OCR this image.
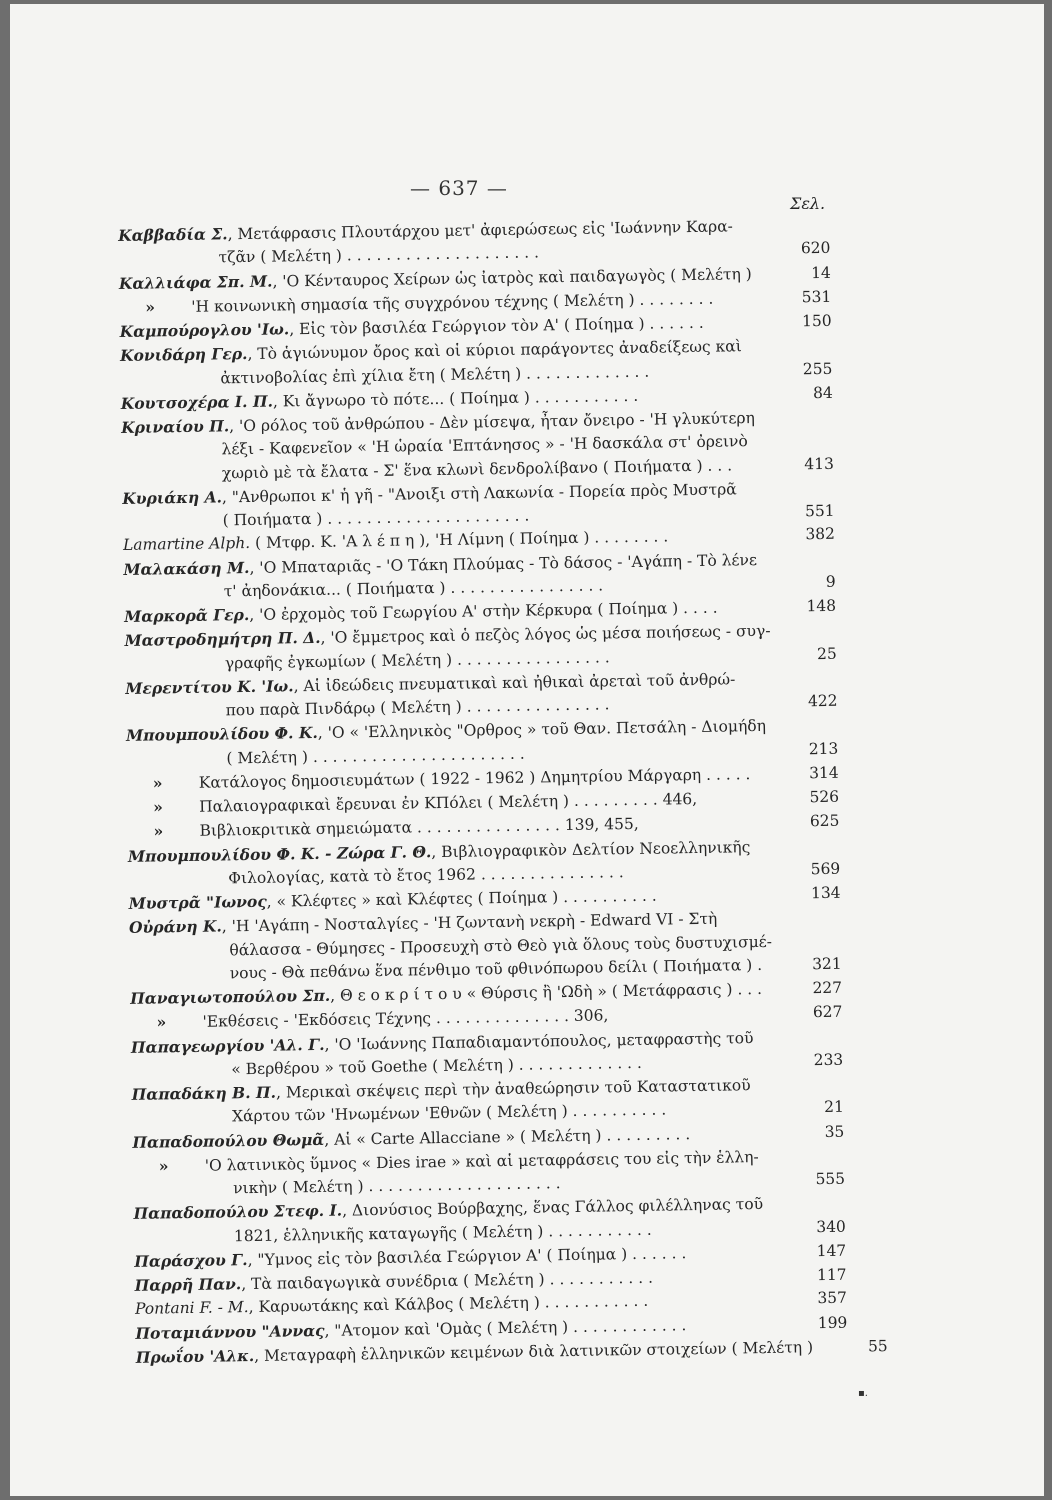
— 637 —
Σελ.
Καββαδία Σ., Μετάφρασις Πλουτάρχου μετ' ἀφιερώσεως εἰς 'Ιωάννην Καρα-
τζᾶν ( Μελέτη ) . . . . . . . . . . . . . . . . . . . .	620
Καλλιάφα Σπ. Μ., 'Ο Κένταυρος Χείρων ὡς ἰατρὸς καὶ παιδαγωγὸς ( Μελέτη )	14
» 'Η κοινωνικὴ σημασία τῆς συγχρόνου τέχνης ( Μελέτη ) . . . . . . . .	531
Καμπούρογλου 'Ιω., Εἰς τὸν βασιλέα Γεώργιον τὸν Α' ( Ποίημα ) . . . . . .	150
Κονιδάρη Γερ., Τὸ ἁγιώνυμον ὄρος καὶ οἱ κύριοι παράγοντες ἀναδείξεως καὶ
ἀκτινοβολίας ἐπὶ χίλια ἔτη ( Μελέτη ) . . . . . . . . . . . . .	255
Κουτσοχέρα Ι. Π., Κι ἄγνωρο τὸ πότε... ( Ποίημα ) . . . . . . . . . . .	84
Κριναίου Π., 'Ο ρόλος τοῦ ἀνθρώπου - Δὲν μίσεψα, ἦταν ὄνειρο - 'Η γλυκύτερη
λέξι - Καφενεῖον « 'Η ὡραία 'Επτάνησος » - 'Η δασκάλα στ' ὀρεινὸ
χωριὸ μὲ τὰ ἔλατα - Σ' ἕνα κλωνὶ δενδρολίβανο ( Ποιήματα ) . . .	413
Κυριάκη Α., "Ανθρωποι κ' ἡ γῆ - "Ανοιξι στὴ Λακωνία - Πορεία πρὸς Μυστρᾶ
( Ποιήματα ) . . . . . . . . . . . . . . . . . . . . .	551
Lamartine Alph. ( Μτφρ. Κ. 'Α λ έ π η ), 'Η Λίμνη ( Ποίημα ) . . . . . . . .	382
Μαλακάση Μ., 'Ο Μπαταριᾶς - 'Ο Τάκη Πλούμας - Τὸ δάσος - 'Αγάπη - Τὸ λένε
τ' ἀηδονάκια... ( Ποιήματα ) . . . . . . . . . . . . . . . .	9
Μαρκορᾶ Γερ., 'Ο ἐρχομὸς τοῦ Γεωργίου Α' στὴν Κέρκυρα ( Ποίημα ) . . . .	148
Μαστροδημήτρη Π. Δ., 'Ο ἔμμετρος καὶ ὁ πεζὸς λόγος ὡς μέσα ποιήσεως - συγ-
γραφῆς ἐγκωμίων ( Μελέτη ) . . . . . . . . . . . . . . . .	25
Μερεντίτου Κ. 'Ιω., Αἱ ἰδεώδεις πνευματικαὶ καὶ ἠθικαὶ ἀρεταὶ τοῦ ἀνθρώ-
που παρὰ Πινδάρῳ ( Μελέτη ) . . . . . . . . . . . . . . .	422
Μπουμπουλίδου Φ. Κ., 'Ο « 'Ελληνικὸς "Ορθρος » τοῦ Θαν. Πετσάλη - Διομήδη
( Μελέτη ) . . . . . . . . . . . . . . . . . . . . . .	213
» Κατάλογος δημοσιευμάτων ( 1922 - 1962 ) Δημητρίου Μάργαρη . . . . .	314
» Παλαιογραφικαὶ ἔρευναι ἐν ΚΠόλει ( Μελέτη ) . . . . . . . . . 446,	526
» Βιβλιοκριτικὰ σημειώματα . . . . . . . . . . . . . . . 139, 455,	625
Μπουμπουλίδου Φ. Κ. - Ζώρα Γ. Θ., Βιβλιογραφικὸν Δελτίον Νεοελληνικῆς
Φιλολογίας, κατὰ τὸ ἔτος 1962 . . . . . . . . . . . . . . .	569
Μυστρᾶ "Ιωνος, « Κλέφτες » καὶ Κλέφτες ( Ποίημα ) . . . . . . . . . .	134
Οὐράνη Κ., 'Η 'Αγάπη - Νοσταλγίες - 'Η ζωντανὴ νεκρὴ - Edward VI - Στὴ
θάλασσα - Θύμησες - Προσευχὴ στὸ Θεὸ γιὰ ὅλους τοὺς δυστυχισμέ-
νους - Θὰ πεθάνω ἕνα πένθιμο τοῦ φθινόπωρου δείλι ( Ποιήματα ) .	321
Παναγιωτοπούλου Σπ., Θ ε ο κ ρ ί τ ο υ « Θύρσις ἢ 'Ωδὴ » ( Μετάφρασις ) . . .	227
» 'Εκθέσεις - 'Εκδόσεις Τέχνης . . . . . . . . . . . . . . 306,	627
Παπαγεωργίου 'Αλ. Γ., 'Ο 'Ιωάννης Παπαδιαμαντόπουλος, μεταφραστὴς τοῦ
« Βερθέρου » τοῦ Goethe ( Μελέτη ) . . . . . . . . . . . . .	233
Παπαδάκη Β. Π., Μερικαὶ σκέψεις περὶ τὴν ἀναθεώρησιν τοῦ Καταστατικοῦ
Χάρτου τῶν 'Ηνωμένων 'Εθνῶν ( Μελέτη ) . . . . . . . . . .	21
Παπαδοπούλου Θωμᾶ, Αἱ « Carte Allacciane » ( Μελέτη ) . . . . . . . . .	35
» 'Ο λατινικὸς ὕμνος « Dies irae » καὶ αἱ μεταφράσεις του εἰς τὴν ἑλλη-
νικὴν ( Μελέτη ) . . . . . . . . . . . . . . . . . . . .	555
Παπαδοπούλου Στεφ. Ι., Διονύσιος Βούρβαχης, ἕνας Γάλλος φιλέλληνας τοῦ
1821, ἑλληνικῆς καταγωγῆς ( Μελέτη ) . . . . . . . . . . .	340
Παράσχου Γ., "Υμνος εἰς τὸν βασιλέα Γεώργιον Α' ( Ποίημα ) . . . . . .	147
Παρρῆ Παν., Τὰ παιδαγωγικὰ συνέδρια ( Μελέτη ) . . . . . . . . . . .	117
Pontani F. - M., Καρυωτάκης καὶ Κάλβος ( Μελέτη ) . . . . . . . . . . .	357
Ποταμιάννου "Αννας, "Ατομον καὶ 'Ομὰς ( Μελέτη ) . . . . . . . . . . . .	199
Πρωΐου 'Αλκ., Μεταγραφὴ ἑλληνικῶν κειμένων διὰ λατινικῶν στοιχείων ( Μελέτη )	55
▪.
